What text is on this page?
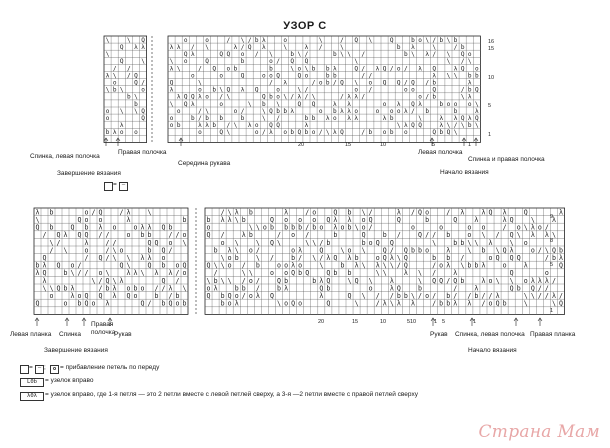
УЗОР С
\	\ Q
Q λ λ
\
Q	\
/ /
λ \ / Q
o	Q /
\ b \	o
b \
b
o \ \ Q
o	Q
λ
b λ o o
o	o	/ \ / b λ	o	\	/ Q \	Q	b o \ / b \ b
λ λ / \	λ / Q λ	\	λ /	\	b λ	\	/ b
Q λ	Q Q o / \	b \ /	b \ \ /	b \ λ / \ Q o
\ o	Q	b	o / Q Q	\	\ / \
λ \	/ Q o b	b	\ o \ b b λ	Q / λ Q / o / λ Q	λ Q o
o	o	Q	o o Q	Q o	b b	/ /	λ \ \ b b
Q	\	/ λ	/ o b / Q \ o Q Q / Q / b	λ
λ	o b \ Q λ Q	o	\ /	o /	o o	Q	/ b Q
λ Q Q λ o / \	Q b o \ / λ / \	/ λ λ /	o / b	\ λ
\ Q λ	o	\ b \	Q Q	λ λ	o λ Q λ	b o o o \
o	/ \	o /	\ Q b b λ	o b λ λ o	o o o λ / b	b	λ
o	b / b b	b	\ /	b b λ o λ λ	λ b	\	λ λ Q λ Q
o b	λ λ b / \ λ o Q Q	λ	\ λ Q Q	λ \ / \ b \
o	Q \	o / λ o b Q b o / \ λ Q	/ b o b o	Q b Q \
16
15
10
5
1
20	15	10	5	1
λ b	o / Q	/ λ	\
\	Q o o	λ	b
Q b	Q b λ o	o λ λ Q b
/ Q λ Q Q / /	o b b	/ / o
\ /	λ	/ /	Q Q o \
/ \	o	/ \ o	b Q /
Q	/ Q / \ \ λ λ o
b λ Q o /	Q \	Q b o Q
λ Q	b \ / / o \	λ λ \ λ λ / o
λ	\ / Q \ λ	Q /
\ \ Q b λ	/ b λ o b o / / λ \
o	λ o Q Q λ Q o	b / b
Q	o b Q o λ	Q / b Q o b
/ \ λ b	λ	/ o	Q b \ /	λ / Q o	/ λ	λ Q λ	Q	λ
b λ λ \ b	Q o o o Q λ λ o Q	Q	b	Q	λ	λ Q	\	λ
o	\ \ o b b b b / b o λ o b \ o /	o	o	o o	/ o \ λ o /
Q /	λ b	/ o /	b	Q	b /	Q / / b	o \ / Q \ λ λ \
o \	\ Q \	\ \ / b	b o Q Q	\	b b \ \ λ	\ o
b λ \ o /	o λ	Q	\ o \	Q / Q b b o	λ	\ b \ Q λ	o / \ Q b
\ o b	\ /	b / \ / λ Q λ b	o Q λ \ Q	b b /	o Q Q Q	/ b λ
Q \ \ o / b	o o λ o	\	b λ \ λ \ \ / Q	/ o λ \ b b λ	o	λ	Q
/	\ \	o o Q b Q	Q b b	\ \	λ \ /	λ	Q	o
\ b \ \ / o /	Q b	b λ Q	\ Q \	λ	\ Q Q / Q b	λ o \ \ o λ λ λ /
o λ	b b /	b λ	Q b	o	λ Q	b	/	λ	Q b Q / /
Q b Q o / o λ Q	λ	Q \ / / b b \ / o / b / / b / / λ	\ \ / / λ /
b o λ	\ o Q o	Q	\	/ λ \ λ λ	/ b b λ λ / o Q b	\	\ Q
9
8
5
1
20	15	10	5	1
10	5	1
Спинка, левая полочка
Правая полочка
Завершение вязания
Середина рукава
Левая полочка
Спинка и правая полочка
Начало вязания
= –
Левая планка Спинка
Правая полочка
Рукав
Завершение вязания
Рукав Спинка, левая полочка Правая планка
Начало вязания
= – ;	o = прибавление петель по переду
L0b	= узелок вправо
λ0λ	= узелок вправо, где 1-я петля — это 2 петли вместе с левой петлей сверху, а 3-я —2 петли вместе с правой петлей сверху
Страна Мам
